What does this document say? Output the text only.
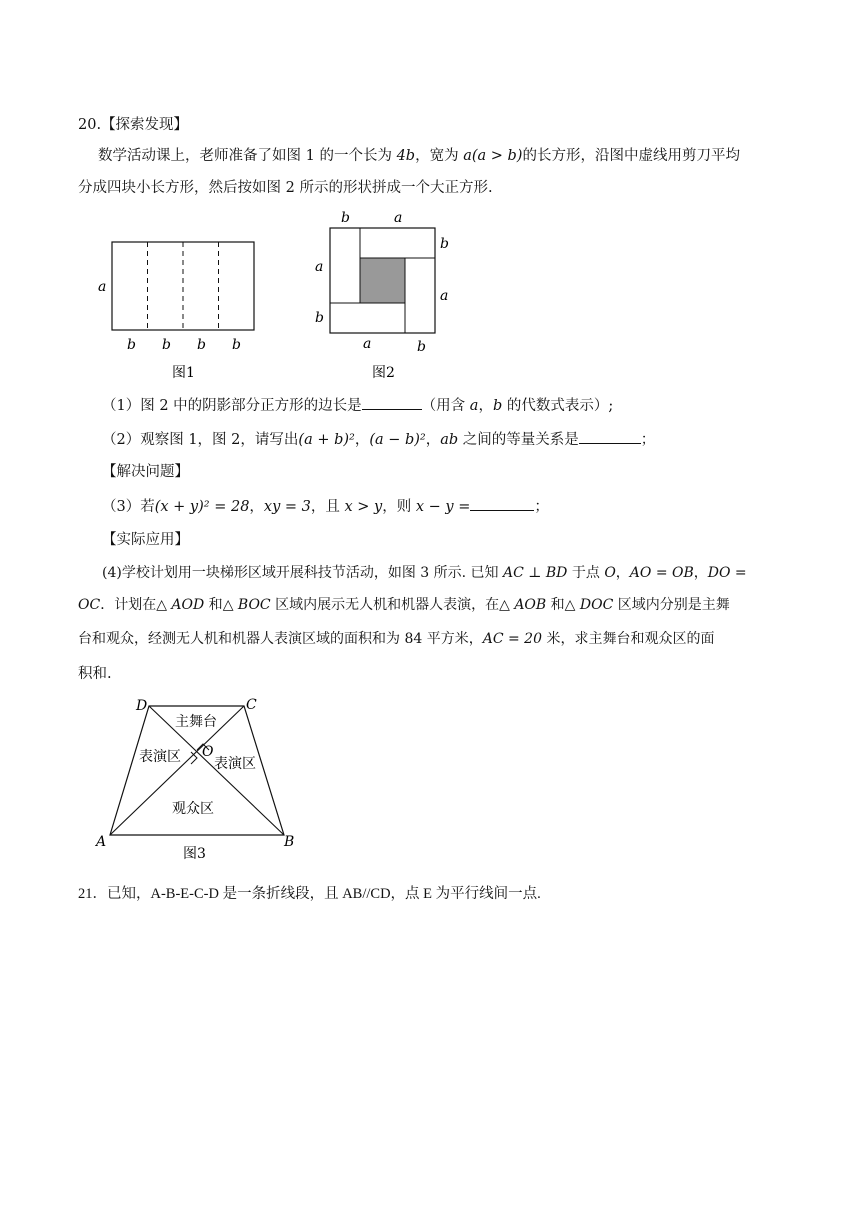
20.【探索发现】
数学活动课上，老师准备了如图 1 的一个长为 4b，宽为 a(a > b)的长方形，沿图中虚线用剪刀平均
分成四块小长方形，然后按如图 2 所示的形状拼成一个大正方形.
a
b b b b
图1
b	a
b
a
a
b
a	b
图2
（1）图 2 中的阴影部分正方形的边长是	（用含 a，b 的代数式表示）;
（2）观察图 1，图 2，请写出(a + b)²，(a − b)²，ab 之间的等量关系是	；
【解决问题】
（3）若(x + y)² = 28，xy = 3，且 x > y，则 x − y =	；
【实际应用】
(4)学校计划用一块梯形区域开展科技节活动，如图 3 所示. 已知 AC ⊥ BD 于点 O，AO = OB，DO =
OC．计划在△ AOD 和△ BOC 区域内展示无人机和机器人表演，在△ AOB 和△ DOC 区域内分别是主舞
台和观众，经测无人机和机器人表演区域的面积和为 84 平方米，AC = 20 米，求主舞台和观众区的面
积和.
D	C
O
A	B
主舞台
表演区 表演区
观众区
图3
21．已知，A-B-E-C-D 是一条折线段，且 AB//CD，点 E 为平行线间一点.
